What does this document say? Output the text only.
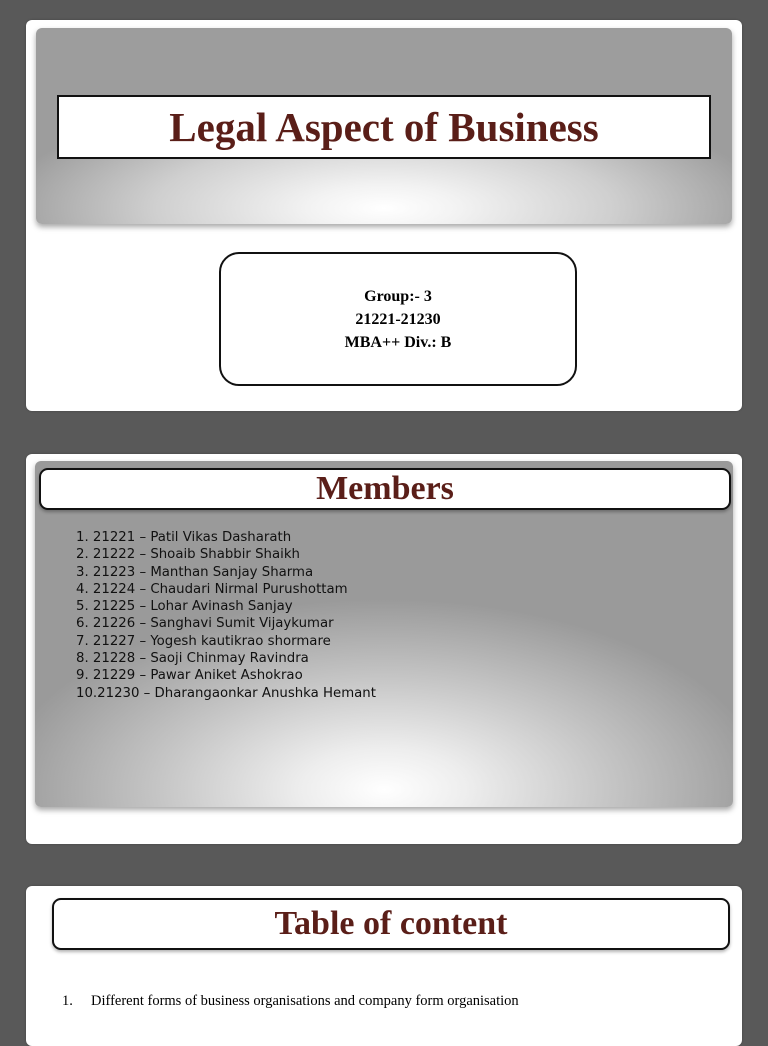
Legal Aspect of Business
Group:- 3
21221-21230
MBA++ Div.: B
Members
1. 21221 – Patil Vikas Dasharath
2. 21222 – Shoaib Shabbir Shaikh
3. 21223 – Manthan Sanjay Sharma
4. 21224 – Chaudari Nirmal Purushottam
5. 21225 – Lohar Avinash Sanjay
6. 21226 – Sanghavi Sumit Vijaykumar
7. 21227 – Yogesh kautikrao shormare
8. 21228 – Saoji Chinmay Ravindra
9. 21229 – Pawar Aniket Ashokrao
10.21230 – Dharangaonkar Anushka Hemant
Table of content
1. Different forms of business organisations and company form organisation
